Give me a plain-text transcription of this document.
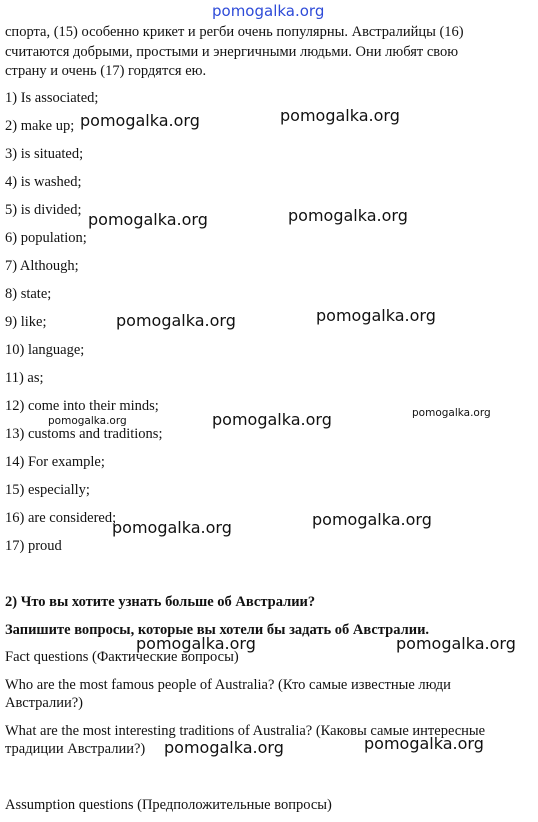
спорта, (15) особенно крикет и регби очень популярны. Австралийцы (16)
считаются добрыми, простыми и энергичными людьми. Они любят свою
страну и очень (17) гордятся ею.
1) Is associated;
2) make up;
3) is situated;
4) is washed;
5) is divided;
6) population;
7) Although;
8) state;
9) like;
10) language;
11) as;
12) come into their minds;
13) customs and traditions;
14) For example;
15) especially;
16) are considered;
17) proud
2) Что вы хотите узнать больше об Австралии?
Запишите вопросы, которые вы хотели бы задать об Австралии.
Fact questions (Фактические вопросы)
Who are the most famous people of Australia? (Кто самые известные люди Австралии?)
What are the most interesting traditions of Australia? (Каковы самые интересные традиции Австралии?)
Assumption questions (Предположительные вопросы)
pomogalka.org
pomogalka.org	pomogalka.org
pomogalka.org	pomogalka.org
pomogalka.org	pomogalka.org
pomogalka.org	pomogalka.org	pomogalka.org
pomogalka.org	pomogalka.org
pomogalka.org	pomogalka.org
pomogalka.org	pomogalka.org
